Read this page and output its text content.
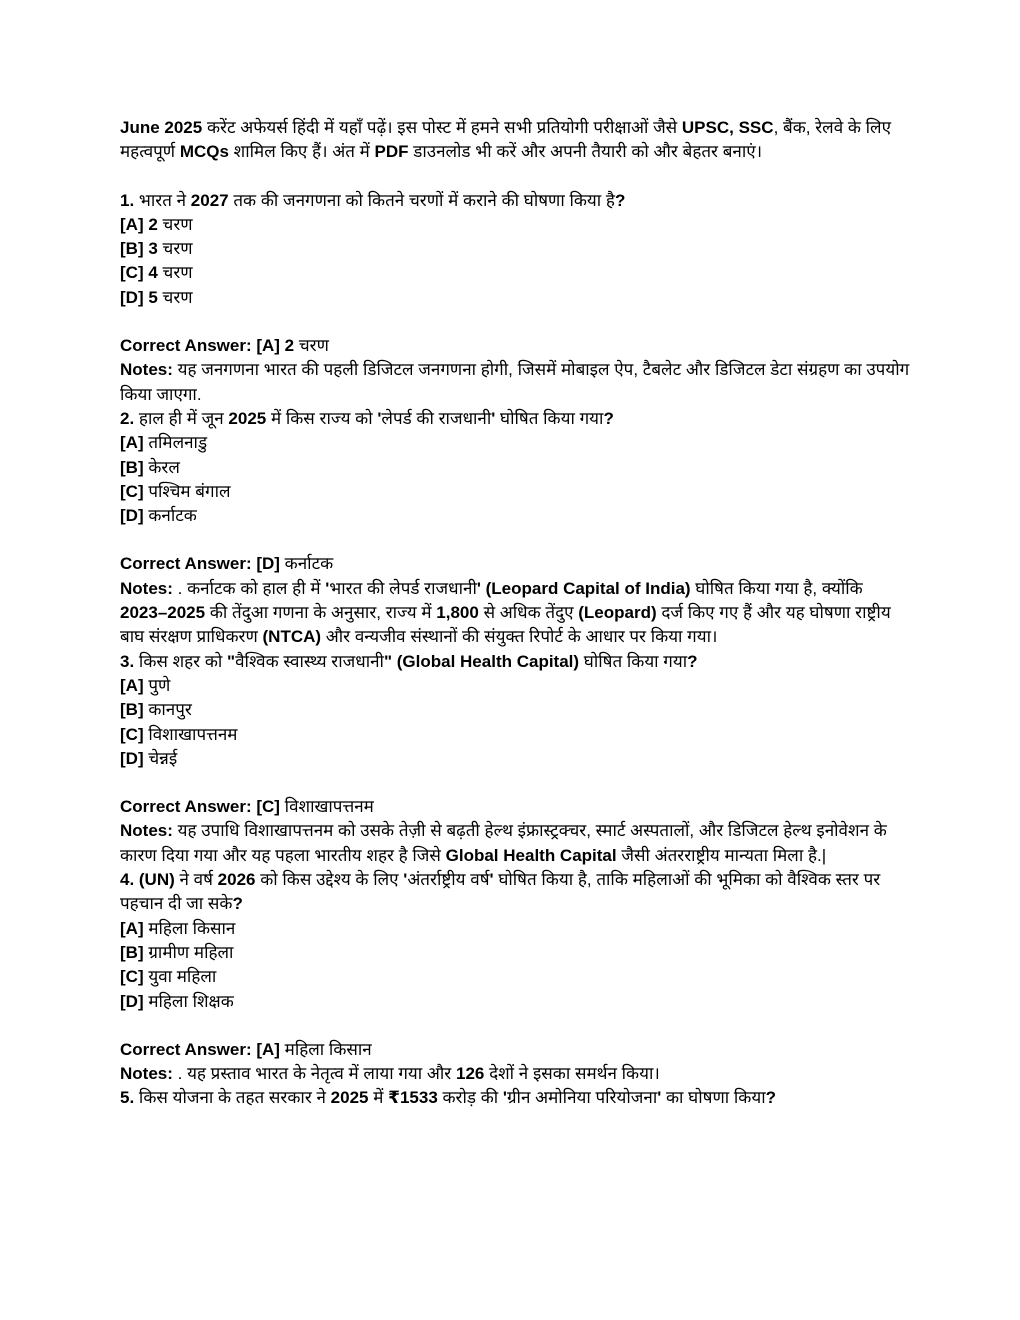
June 2025 करेंट अफेयर्स हिंदी में यहाँ पढ़ें। इस पोस्ट में हमने सभी प्रतियोगी परीक्षाओं जैसे UPSC, SSC, बैंक, रेलवे के लिए महत्वपूर्ण MCQs शामिल किए हैं। अंत में PDF डाउनलोड भी करें और अपनी तैयारी को और बेहतर बनाएं।

1. भारत ने 2027 तक की जनगणना को कितने चरणों में कराने की घोषणा किया है?

[A] 2 चरण

[B] 3 चरण

[C] 4 चरण

[D] 5 चरण

Correct Answer: [A] 2 चरण

Notes: यह जनगणना भारत की पहली डिजिटल जनगणना होगी, जिसमें मोबाइल ऐप, टैबलेट और डिजिटल डेटा संग्रहण का उपयोग किया जाएगा.

2. हाल ही में जून 2025 में किस राज्य को 'लेपर्ड की राजधानी' घोषित किया गया?

[A] तमिलनाडु

[B] केरल

[C] पश्चिम बंगाल

[D] कर्नाटक

Correct Answer: [D] कर्नाटक

Notes: . कर्नाटक को हाल ही में 'भारत की लेपर्ड राजधानी' (Leopard Capital of India) घोषित किया गया है, क्योंकि 2023–2025 की तेंदुआ गणना के अनुसार, राज्य में 1,800 से अधिक तेंदुए (Leopard) दर्ज किए गए हैं और यह घोषणा राष्ट्रीय बाघ संरक्षण प्राधिकरण (NTCA) और वन्यजीव संस्थानों की संयुक्त रिपोर्ट के आधार पर किया गया।

3. किस शहर को "वैश्विक स्वास्थ्य राजधानी" (Global Health Capital) घोषित किया गया?

[A] पुणे

[B] कानपुर

[C] विशाखापत्तनम

[D] चेन्नई

Correct Answer: [C] विशाखापत्तनम

Notes: यह उपाधि विशाखापत्तनम को उसके तेज़ी से बढ़ती हेल्थ इंफ्रास्ट्रक्चर, स्मार्ट अस्पतालों, और डिजिटल हेल्थ इनोवेशन के कारण दिया गया और यह पहला भारतीय शहर है जिसे Global Health Capital जैसी अंतरराष्ट्रीय मान्यता मिला है.|

4. (UN) ने वर्ष 2026 को किस उद्देश्य के लिए 'अंतर्राष्ट्रीय वर्ष' घोषित किया है, ताकि महिलाओं की भूमिका को वैश्विक स्तर पर पहचान दी जा सके?

[A] महिला किसान

[B] ग्रामीण महिला

[C] युवा महिला

[D] महिला शिक्षक

Correct Answer: [A] महिला किसान

Notes: . यह प्रस्ताव भारत के नेतृत्व में लाया गया और 126 देशों ने इसका समर्थन किया।

5. किस योजना के तहत सरकार ने 2025 में ₹1533 करोड़ की 'ग्रीन अमोनिया परियोजना' का घोषणा किया?
